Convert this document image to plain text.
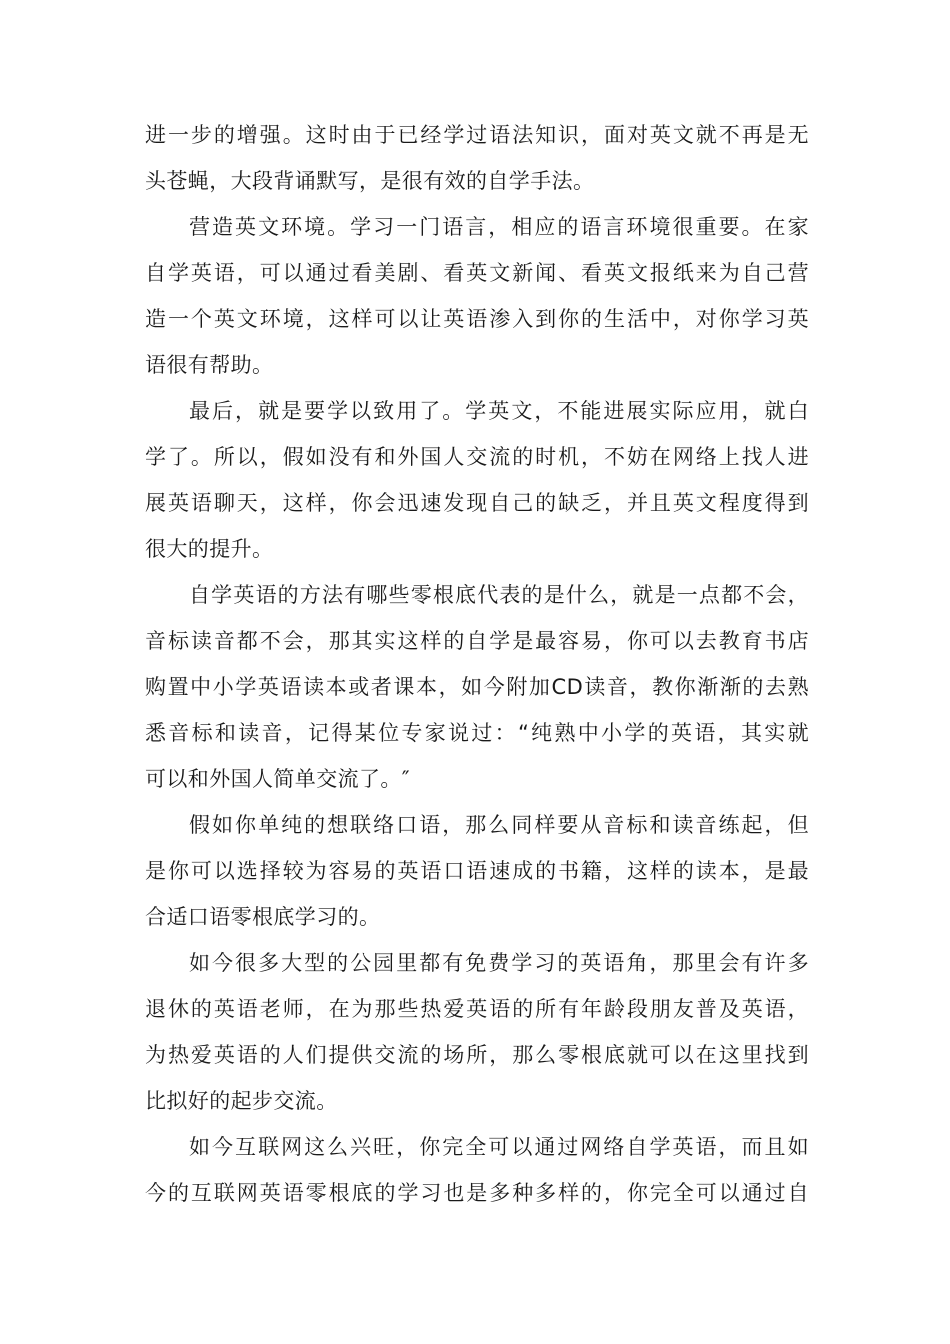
进一步的增强。这时由于已经学过语法知识，面对英文就不再是无
头苍蝇，大段背诵默写，是很有效的自学手法。
营造英文环境。学习一门语言，相应的语言环境很重要。在家
自学英语，可以通过看美剧、看英文新闻、看英文报纸来为自己营
造一个英文环境，这样可以让英语渗入到你的生活中，对你学习英
语很有帮助。
最后，就是要学以致用了。学英文，不能进展实际应用，就白
学了。所以，假如没有和外国人交流的时机，不妨在网络上找人进
展英语聊天，这样，你会迅速发现自己的缺乏，并且英文程度得到
很大的提升。
自学英语的方法有哪些零根底代表的是什么，就是一点都不会，
音标读音都不会，那其实这样的自学是最容易，你可以去教育书店
购置中小学英语读本或者课本，如今附加CD读音，教你渐渐的去熟
悉音标和读音，记得某位专家说过：“纯熟中小学的英语，其实就
可以和外国人简单交流了。″
假如你单纯的想联络口语，那么同样要从音标和读音练起，但
是你可以选择较为容易的英语口语速成的书籍，这样的读本，是最
合适口语零根底学习的。
如今很多大型的公园里都有免费学习的英语角，那里会有许多
退休的英语老师，在为那些热爱英语的所有年龄段朋友普及英语，
为热爱英语的人们提供交流的场所，那么零根底就可以在这里找到
比拟好的起步交流。
如今互联网这么兴旺，你完全可以通过网络自学英语，而且如
今的互联网英语零根底的学习也是多种多样的，你完全可以通过自
